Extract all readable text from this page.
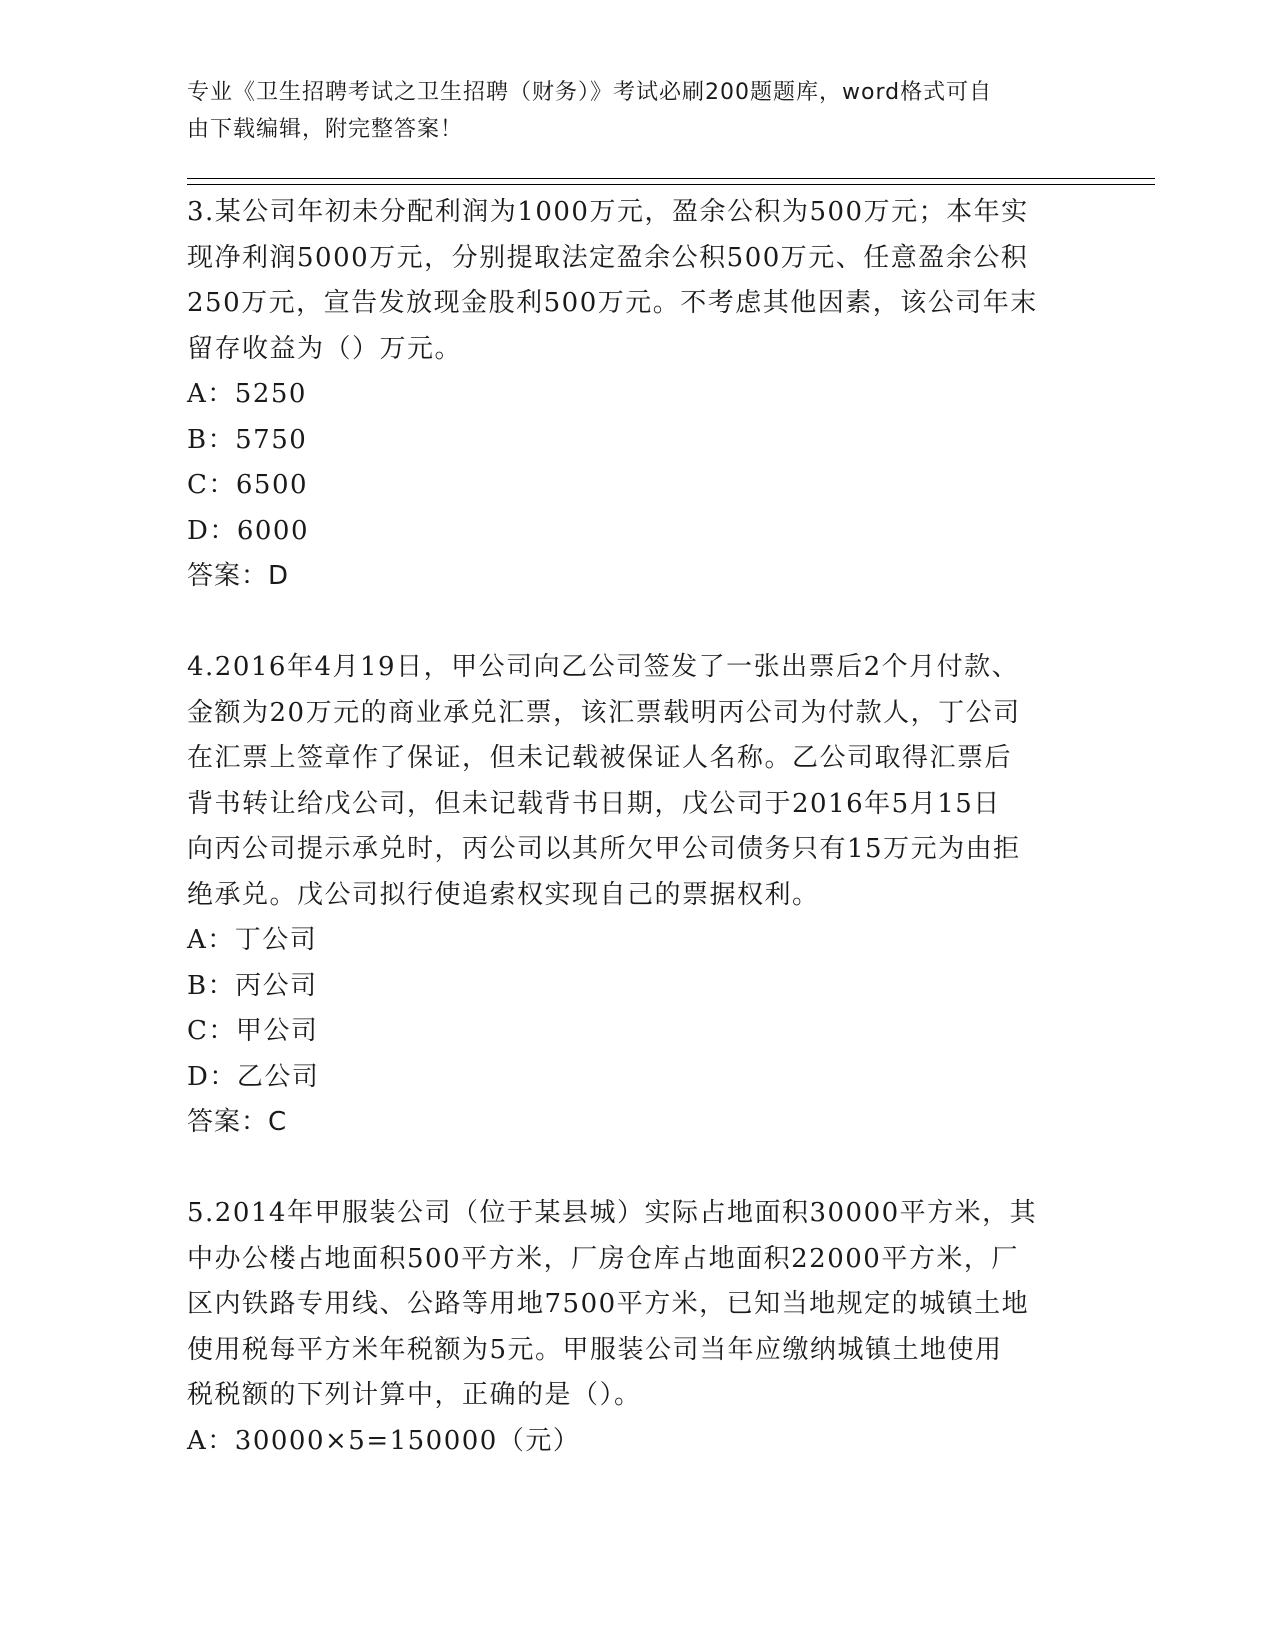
专业《卫生招聘考试之卫生招聘（财务）》考试必刷200题题库，word格式可自
由下载编辑，附完整答案！

3.某公司年初未分配利润为1000万元，盈余公积为500万元；本年实

现净利润5000万元，分别提取法定盈余公积500万元、任意盈余公积

250万元，宣告发放现金股利500万元。不考虑其他因素，该公司年末

留存收益为（）万元。

A：5250

B：5750

C：6500

D：6000

答案：D

4.2016年4月19日，甲公司向乙公司签发了一张出票后2个月付款、

金额为20万元的商业承兑汇票，该汇票载明丙公司为付款人，丁公司

在汇票上签章作了保证，但未记载被保证人名称。乙公司取得汇票后

背书转让给戊公司，但未记载背书日期，戊公司于2016年5月15日

向丙公司提示承兑时，丙公司以其所欠甲公司债务只有15万元为由拒

绝承兑。戊公司拟行使追索权实现自己的票据权利。

A：丁公司

B：丙公司

C：甲公司

D：乙公司

答案：C

5.2014年甲服装公司（位于某县城）实际占地面积30000平方米，其

中办公楼占地面积500平方米，厂房仓库占地面积22000平方米，厂

区内铁路专用线、公路等用地7500平方米，已知当地规定的城镇土地

使用税每平方米年税额为5元。甲服装公司当年应缴纳城镇土地使用

税税额的下列计算中，正确的是（）。

A：30000×5=150000（元）
